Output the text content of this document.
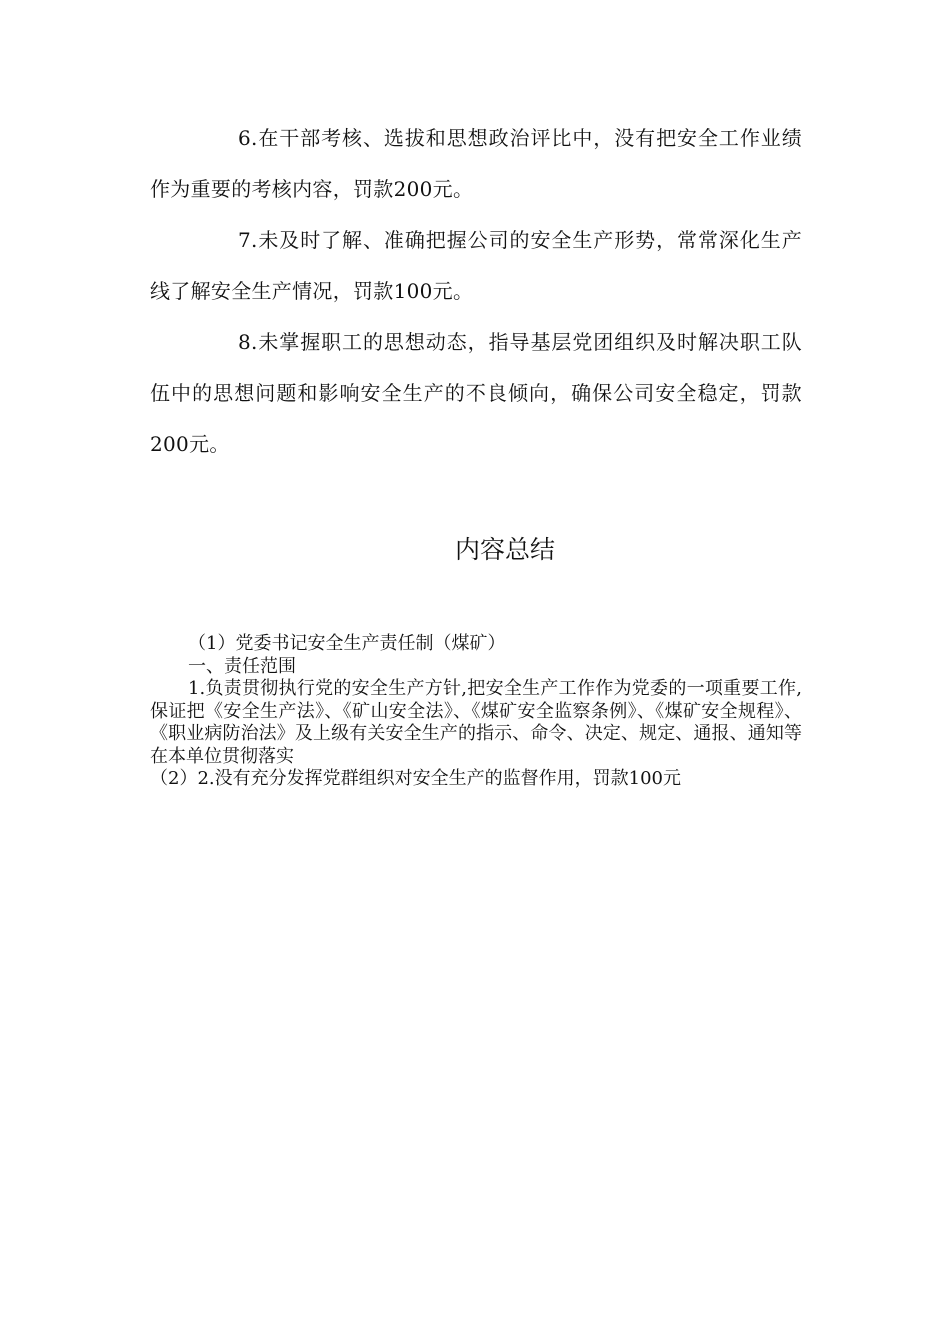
6.在干部考核、选拔和思想政治评比中，没有把安全工作业绩作为重要的考核内容，罚款200元。

7.未及时了解、准确把握公司的安全生产形势，常常深化生产线了解安全生产情况，罚款100元。

8.未掌握职工的思想动态，指导基层党团组织及时解决职工队伍中的思想问题和影响安全生产的不良倾向，确保公司安全稳定，罚款200元。

内容总结
（1）党委书记安全生产责任制（煤矿）
一、责任范围
1.负责贯彻执行党的安全生产方针,把安全生产工作作为党委的一项重要工作,保证把《安全生产法》、《矿山安全法》、《煤矿安全监察条例》、《煤矿安全规程》、《职业病防治法》及上级有关安全生产的指示、命令、决定、规定、通报、通知等在本单位贯彻落实
（2）2.没有充分发挥党群组织对安全生产的监督作用，罚款100元
